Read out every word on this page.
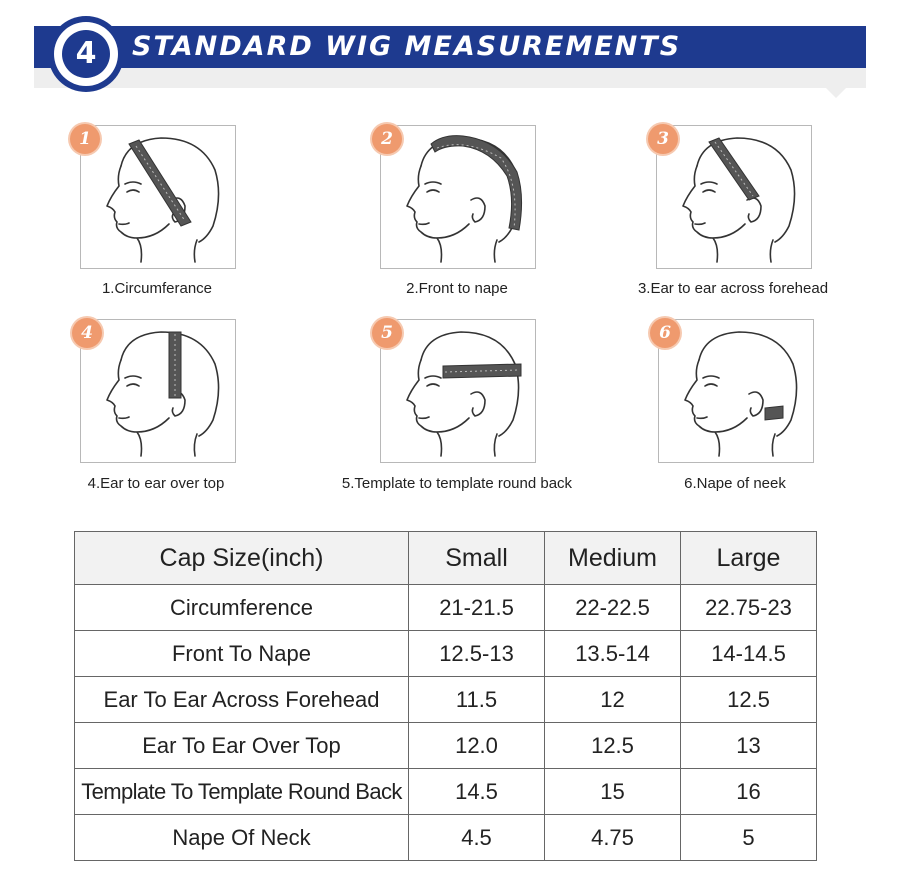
4	STANDARD WIG MEASUREMENTS
1
1.Circumferance
2
2.Front to nape
3
3.Ear to ear across forehead
4
4.Ear to ear over top
5
5.Template to template round back
6
6.Nape of neek
Cap Size(inch)	Small	Medium	Large
Circumference	21-21.5	22-22.5	22.75-23
Front To Nape	12.5-13	13.5-14	14-14.5
Ear To Ear Across Forehead	11.5	12	12.5
Ear To Ear Over Top	12.0	12.5	13
Template To Template Round Back	14.5	15	16
Nape Of Neck	4.5	4.75	5
